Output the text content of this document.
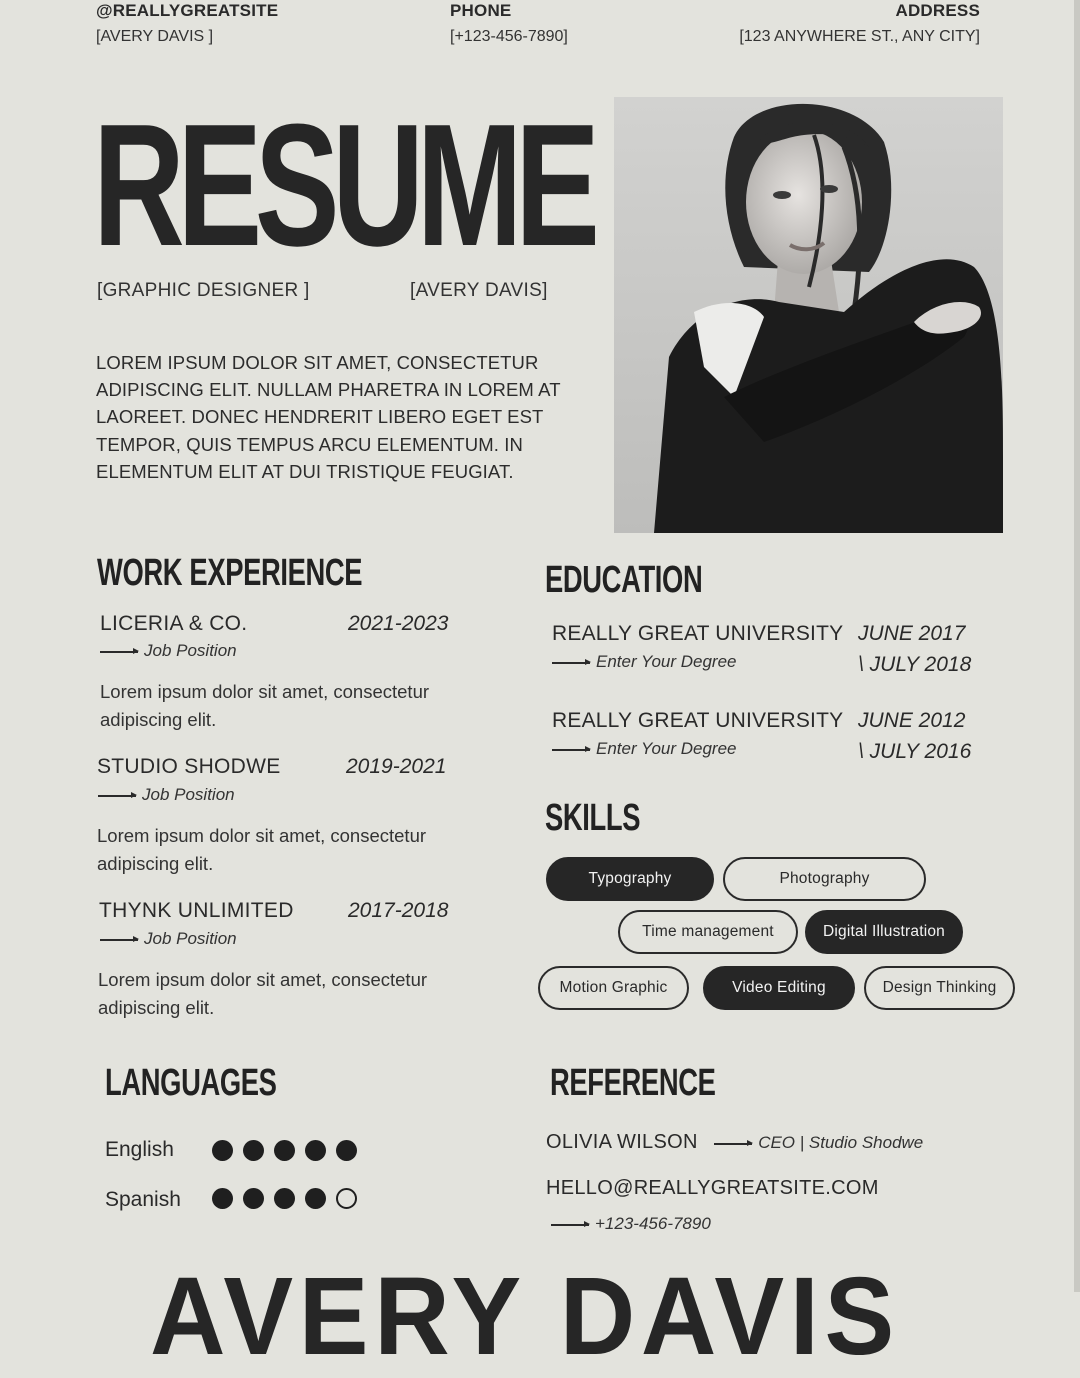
@REALLYGREATSITE
[AVERY DAVIS ]
PHONE
[+123-456-7890]
ADDRESS
[123 ANYWHERE ST., ANY CITY]
RESUME
[GRAPHIC DESIGNER ]	[AVERY DAVIS]
LOREM IPSUM DOLOR SIT AMET, CONSECTETUR ADIPISCING ELIT. NULLAM PHARETRA IN LOREM AT LAOREET. DONEC HENDRERIT LIBERO EGET EST TEMPOR, QUIS TEMPUS ARCU ELEMENTUM. IN ELEMENTUM ELIT AT DUI TRISTIQUE FEUGIAT.
WORK EXPERIENCE
LICERIA & CO.	2021-2023
Job Position
Lorem ipsum dolor sit amet, consectetur adipiscing elit.
STUDIO SHODWE	2019-2021
Job Position
Lorem ipsum dolor sit amet, consectetur adipiscing elit.
THYNK UNLIMITED	2017-2018
Job Position
Lorem ipsum dolor sit amet, consectetur adipiscing elit.
EDUCATION
REALLY GREAT UNIVERSITY
Enter Your Degree
JUNE 2017
\ JULY 2018
REALLY GREAT UNIVERSITY
Enter Your Degree
JUNE 2012
\ JULY 2016
SKILLS
Typography	Photography
Time management	Digital Illustration
Motion Graphic	Video Editing	Design Thinking
LANGUAGES
English
Spanish
REFERENCE
OLIVIA WILSON	CEO | Studio Shodwe
HELLO@REALLYGREATSITE.COM
+123-456-7890
AVERY DAVIS
